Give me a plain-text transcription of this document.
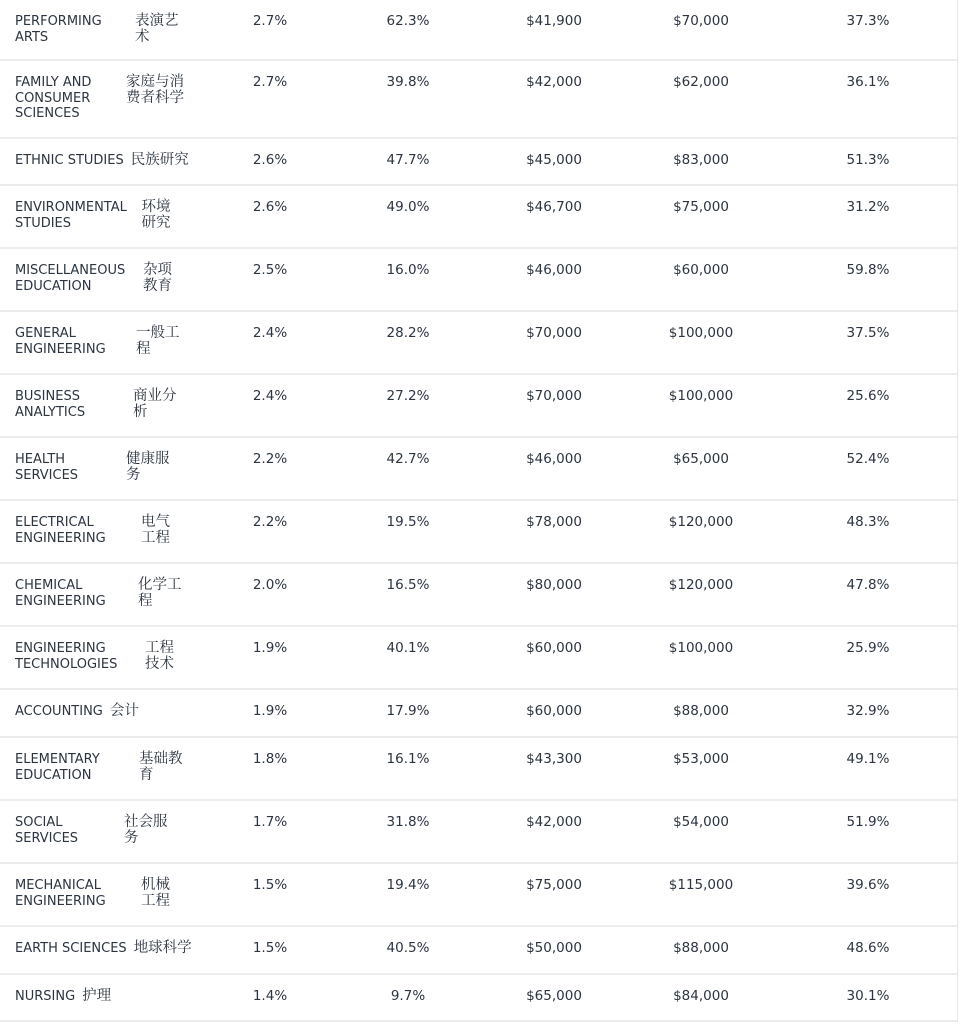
PERFORMING
ARTS
表演艺术
2.7%	62.3%	$41,900	$70,000	37.3%
FAMILY AND
CONSUMER
SCIENCES
家庭与消费者科学
2.7%	39.8%	$42,000	$62,000	36.1%
ETHNIC STUDIES 民族研究	2.6%	47.7%	$45,000	$83,000	51.3%
ENVIRONMENTAL
STUDIES
环境研究
2.6%	49.0%	$46,700	$75,000	31.2%
MISCELLANEOUS
EDUCATION
杂项教育
2.5%	16.0%	$46,000	$60,000	59.8%
GENERAL
ENGINEERING
一般工程
2.4%	28.2%	$70,000	$100,000	37.5%
BUSINESS
ANALYTICS
商业分析
2.4%	27.2%	$70,000	$100,000	25.6%
HEALTH
SERVICES
健康服务
2.2%	42.7%	$46,000	$65,000	52.4%
ELECTRICAL
ENGINEERING
电气工程
2.2%	19.5%	$78,000	$120,000	48.3%
CHEMICAL
ENGINEERING
化学工程
2.0%	16.5%	$80,000	$120,000	47.8%
ENGINEERING
TECHNOLOGIES
工程技术
1.9%	40.1%	$60,000	$100,000	25.9%
ACCOUNTING 会计	1.9%	17.9%	$60,000	$88,000	32.9%
ELEMENTARY
EDUCATION
基础教育
1.8%	16.1%	$43,300	$53,000	49.1%
SOCIAL
SERVICES
社会服务
1.7%	31.8%	$42,000	$54,000	51.9%
MECHANICAL
ENGINEERING
机械工程
1.5%	19.4%	$75,000	$115,000	39.6%
EARTH SCIENCES 地球科学	1.5%	40.5%	$50,000	$88,000	48.6%
NURSING 护理	1.4%	9.7%	$65,000	$84,000	30.1%
